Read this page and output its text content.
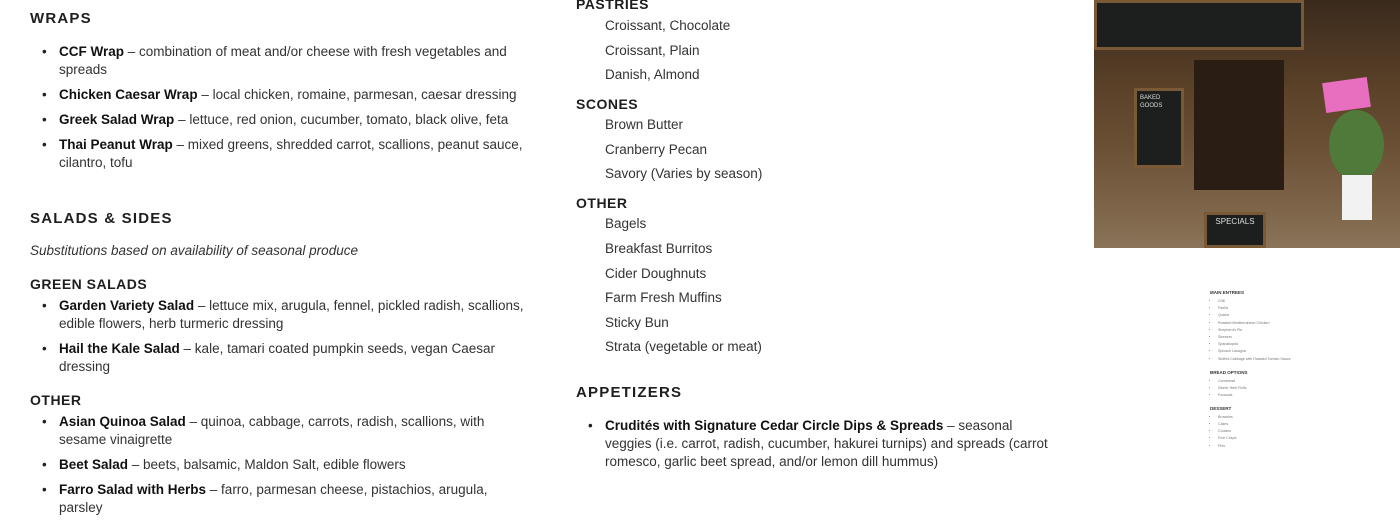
WRAPS
• CCF Wrap – combination of meat and/or cheese with fresh vegetables and spreads
• Chicken Caesar Wrap – local chicken, romaine, parmesan, caesar dressing
• Greek Salad Wrap – lettuce, red onion, cucumber, tomato, black olive, feta
• Thai Peanut Wrap – mixed greens, shredded carrot, scallions, peanut sauce, cilantro, tofu
SALADS & SIDES

Substitutions based on availability of seasonal produce

GREEN SALADS
• Garden Variety Salad – lettuce mix, arugula, fennel, pickled radish, scallions, edible flowers, herb turmeric dressing
• Hail the Kale Salad – kale, tamari coated pumpkin seeds, vegan Caesar dressing
OTHER
• Asian Quinoa Salad – quinoa, cabbage, carrots, radish, scallions, with sesame vinaigrette
• Beet Salad – beets, balsamic, Maldon Salt, edible flowers
• Farro Salad with Herbs – farro, parmesan cheese, pistachios, arugula, parsley
PASTRIES
Croissant, Chocolate
Croissant, Plain
Danish, Almond
SCONES
Brown Butter
Cranberry Pecan
Savory (Varies by season)
OTHER
Bagels
Breakfast Burritos
Cider Doughnuts
Farm Fresh Muffins
Sticky Bun
Strata (vegetable or meat)
APPETIZERS
• Crudités with Signature Cedar Circle Dips & Spreads – seasonal veggies (i.e. carrot, radish, cucumber, hakurei turnips) and spreads (carrot romesco, garlic beet spread, and/or lemon dill hummus)
BAKED GOODS
SPECIALS
MAIN ENTREES
• Chili
• Paella
• Quiche
• Roasted Mediterranean Chicken
• Shepherd's Pie
• Skewers
• Spanakopita
• Spinach Lasagna
• Stuffed Cabbage with Roasted Tomato Sauce
BREAD OPTIONS
• Cornbread
• Dinner Herb Rolls
• Focaccia
DESSERT
• Brownies
• Cakes
• Cookies
• Fruit Crisps
• Pies
